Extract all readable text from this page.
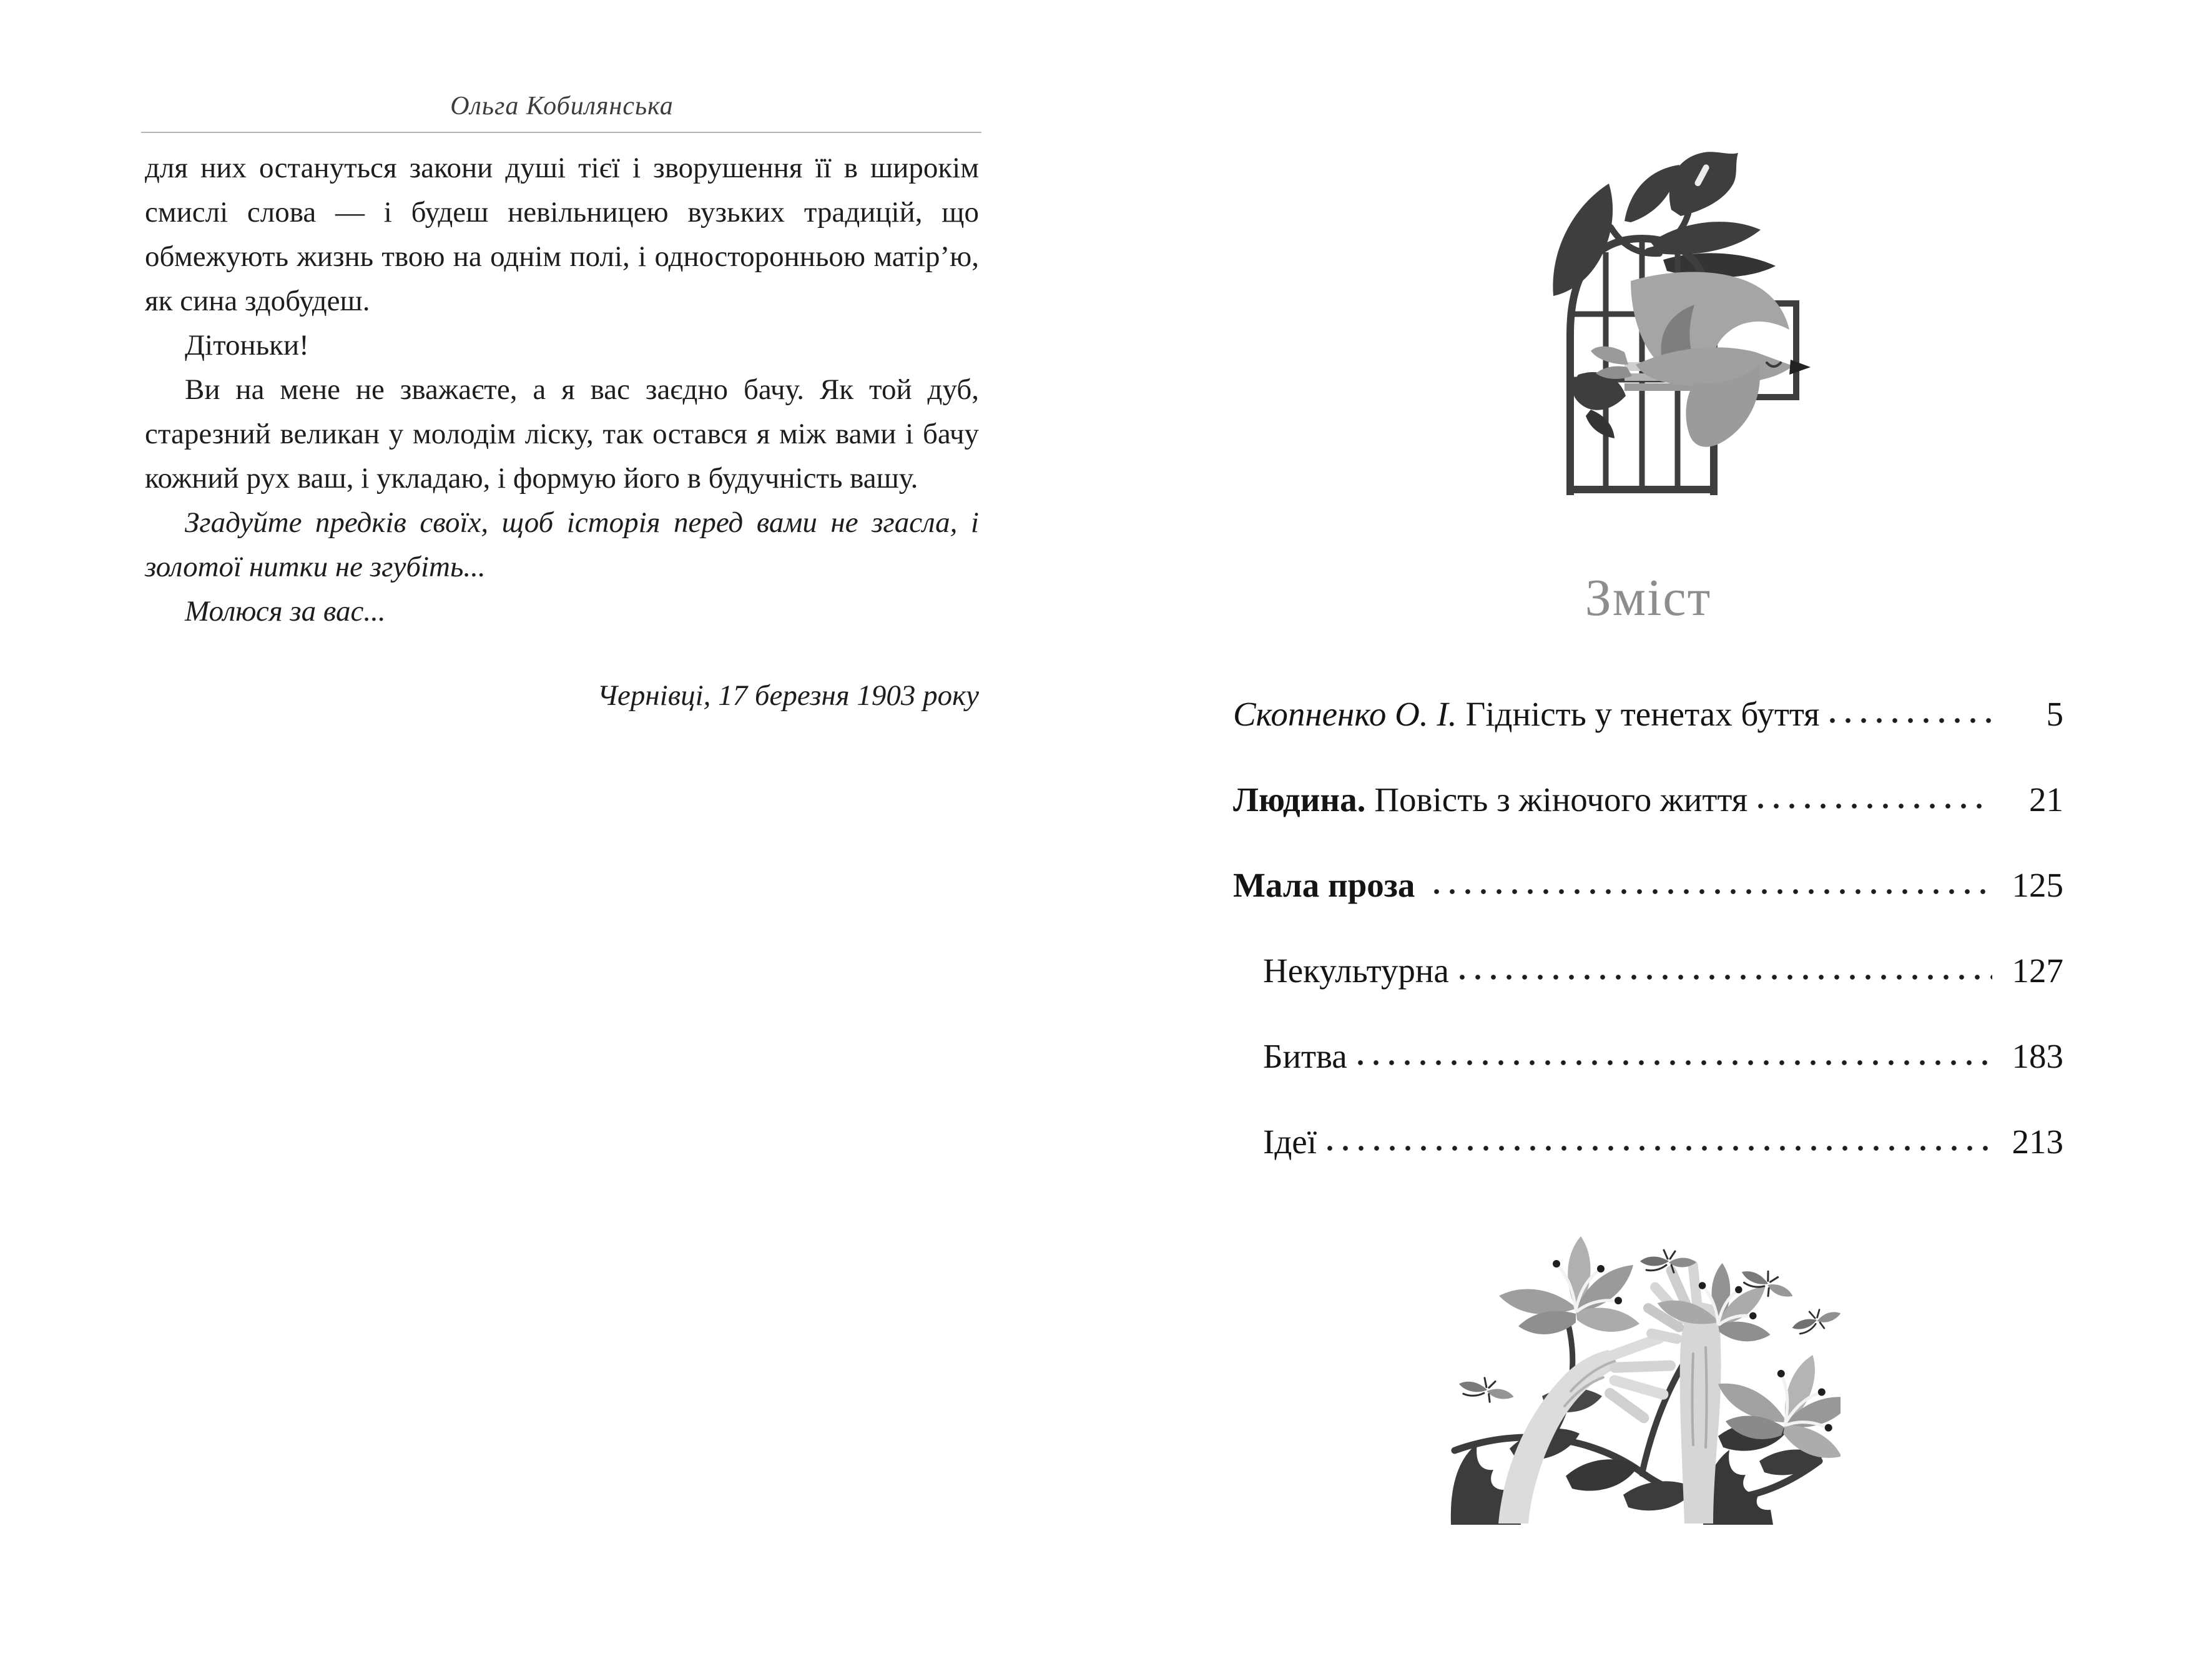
Ольга Кобилянська

для них остануться закони душі тієї і зворушення її в широкім смислі слова — і будеш невільницею вузьких традицій, що обмежують жизнь твою на однім полі, і односторонньою матір’ю, як сина здобудеш.

Дітоньки!

Ви на мене не зважаєте, а я вас заєдно бачу. Як той дуб, старезний великан у молодім ліску, так остався я між вами і бачу кожний рух ваш, і укладаю, і формую його в будучність вашу.

Згадуйте предків своїх, щоб історія перед вами не згасла, і золотої нитки не згубіть...

Молюся за вас...

Чернівці, 17 березня 1903 року

Зміст
Скопненко О. І. Гідність у тенетах буття	5
Людина. Повість з жіночого життя	21
Мала проза	125
Некультурна	127
Битва	183
Ідеї	213
